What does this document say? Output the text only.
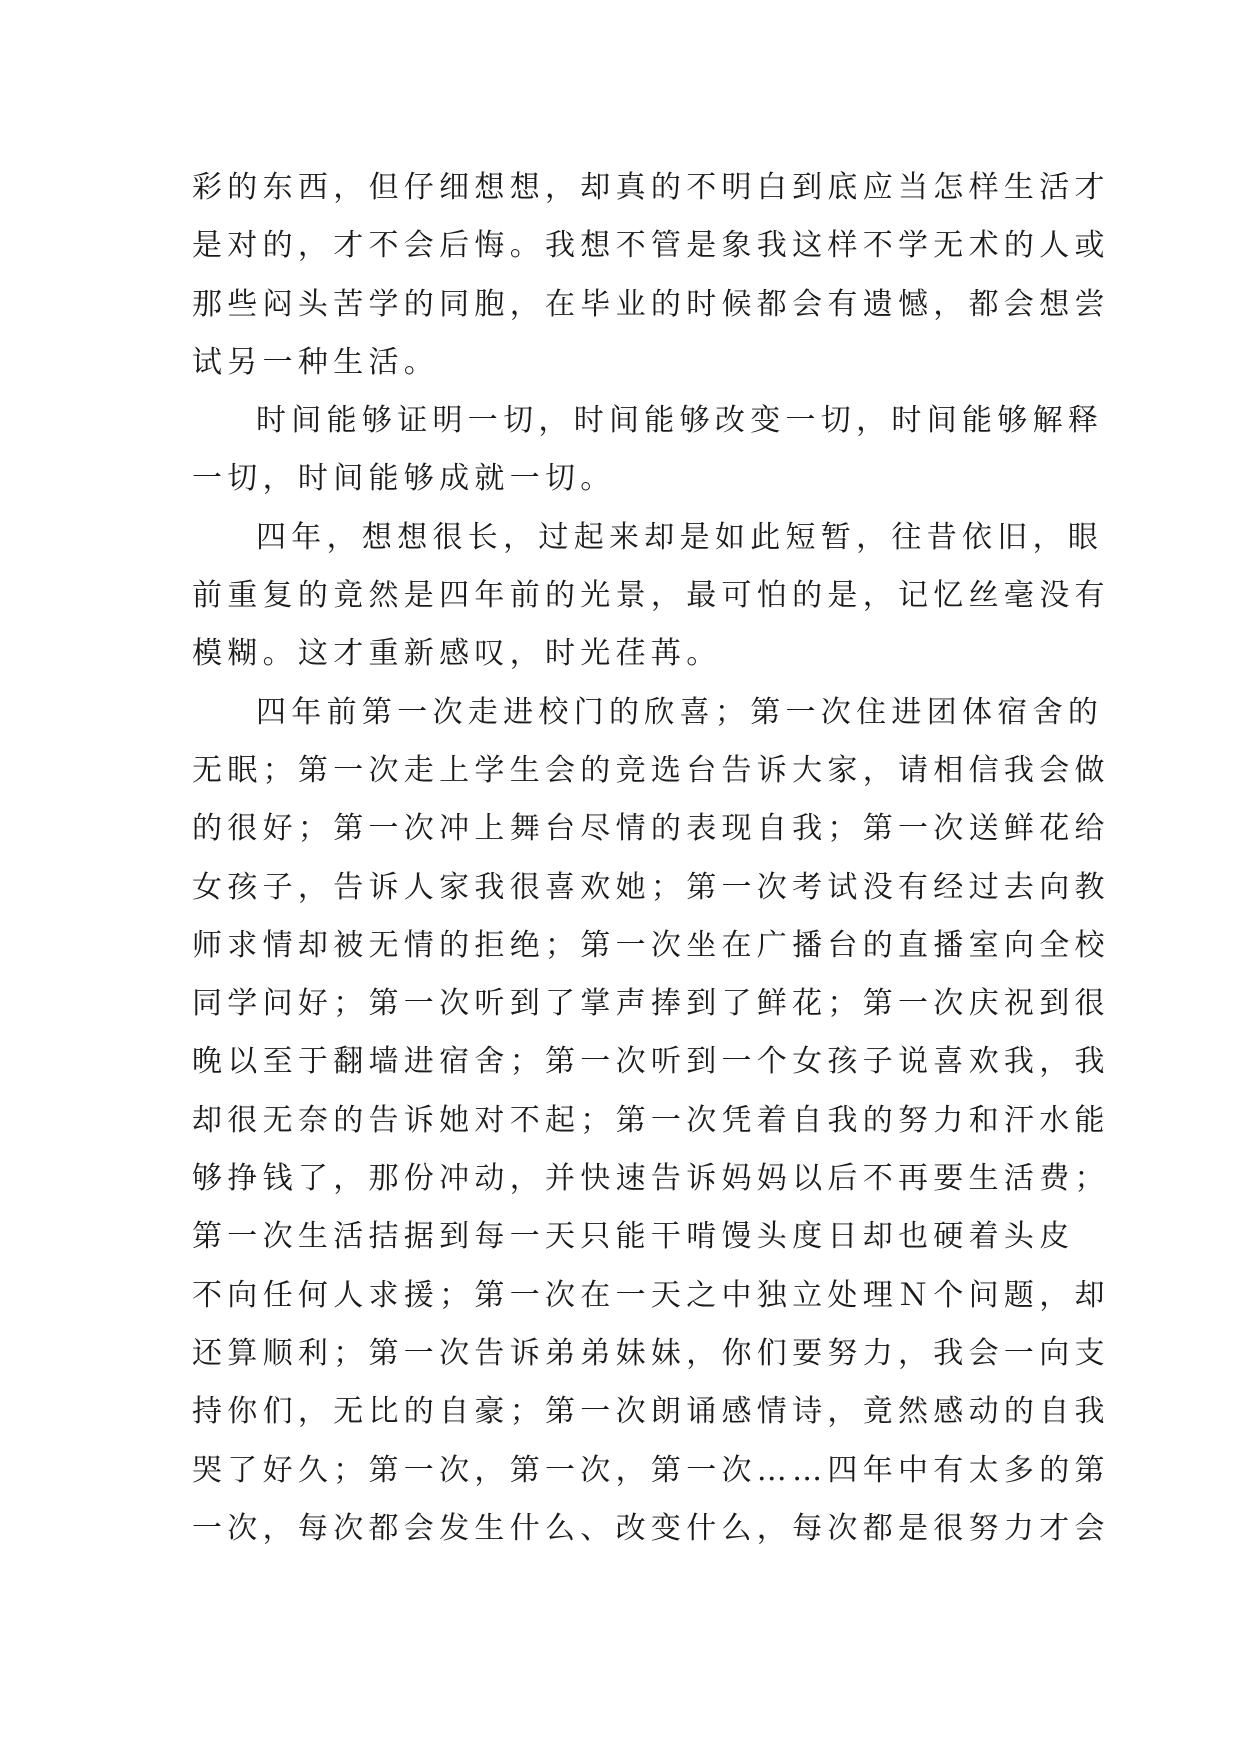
彩的东西，但仔细想想，却真的不明白到底应当怎样生活才
是对的，才不会后悔。我想不管是象我这样不学无术的人或
那些闷头苦学的同胞，在毕业的时候都会有遗憾，都会想尝
试另一种生活。
时间能够证明一切，时间能够改变一切，时间能够解释
一切，时间能够成就一切。
四年，想想很长，过起来却是如此短暂，往昔依旧，眼
前重复的竟然是四年前的光景，最可怕的是，记忆丝毫没有
模糊。这才重新感叹，时光荏苒。
四年前第一次走进校门的欣喜；第一次住进团体宿舍的
无眠；第一次走上学生会的竞选台告诉大家，请相信我会做
的很好；第一次冲上舞台尽情的表现自我；第一次送鲜花给
女孩子，告诉人家我很喜欢她；第一次考试没有经过去向教
师求情却被无情的拒绝；第一次坐在广播台的直播室向全校
同学问好；第一次听到了掌声捧到了鲜花；第一次庆祝到很
晚以至于翻墙进宿舍；第一次听到一个女孩子说喜欢我，我
却很无奈的告诉她对不起；第一次凭着自我的努力和汗水能
够挣钱了，那份冲动，并快速告诉妈妈以后不再要生活费；
第一次生活拮据到每一天只能干啃馒头度日却也硬着头皮
不向任何人求援；第一次在一天之中独立处理Ｎ个问题，却
还算顺利；第一次告诉弟弟妹妹，你们要努力，我会一向支
持你们，无比的自豪；第一次朗诵感情诗，竟然感动的自我
哭了好久；第一次，第一次，第一次……四年中有太多的第
一次，每次都会发生什么、改变什么，每次都是很努力才会
